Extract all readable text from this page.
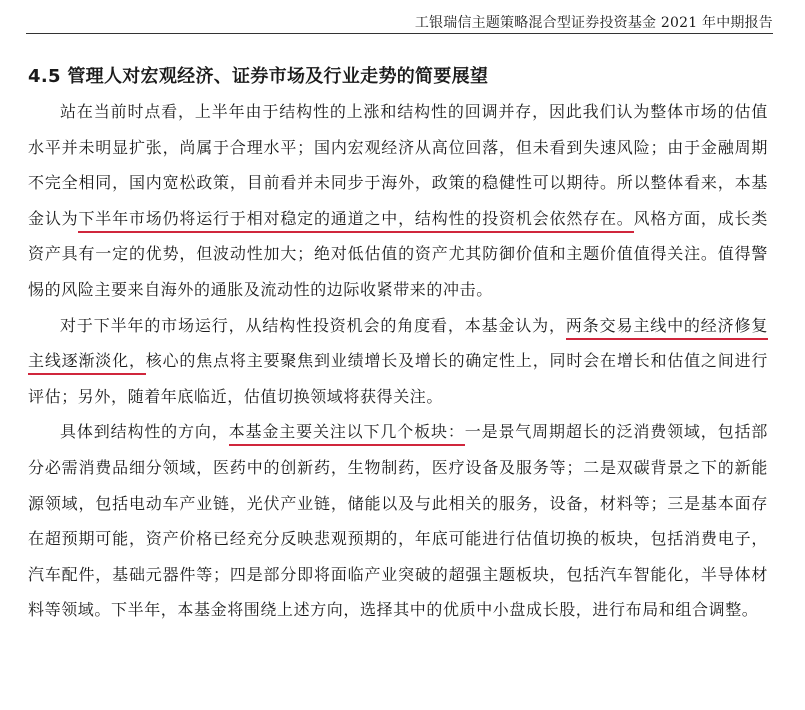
工银瑞信主题策略混合型证券投资基金 2021 年中期报告
4.5 管理人对宏观经济、证券市场及行业走势的简要展望

站在当前时点看，上半年由于结构性的上涨和结构性的回调并存，因此我们认为整体市场的估值水平并未明显扩张，尚属于合理水平；国内宏观经济从高位回落，但未看到失速风险；由于金融周期不完全相同，国内宽松政策，目前看并未同步于海外，政策的稳健性可以期待。所以整体看来，本基金认为下半年市场仍将运行于相对稳定的通道之中，结构性的投资机会依然存在。风格方面，成长类资产具有一定的优势，但波动性加大；绝对低估值的资产尤其防御价值和主题价值值得关注。值得警惕的风险主要来自海外的通胀及流动性的边际收紧带来的冲击。

对于下半年的市场运行，从结构性投资机会的角度看，本基金认为，两条交易主线中的经济修复主线逐渐淡化，核心的焦点将主要聚焦到业绩增长及增长的确定性上，同时会在增长和估值之间进行评估；另外，随着年底临近，估值切换领域将获得关注。

具体到结构性的方向，本基金主要关注以下几个板块：一是景气周期超长的泛消费领域，包括部分必需消费品细分领域，医药中的创新药，生物制药，医疗设备及服务等；二是双碳背景之下的新能源领域，包括电动车产业链，光伏产业链，储能以及与此相关的服务，设备，材料等；三是基本面存在超预期可能，资产价格已经充分反映悲观预期的，年底可能进行估值切换的板块，包括消费电子，汽车配件，基础元器件等；四是部分即将面临产业突破的超强主题板块，包括汽车智能化，半导体材料等领域。下半年，本基金将围绕上述方向，选择其中的优质中小盘成长股，进行布局和组合调整。
